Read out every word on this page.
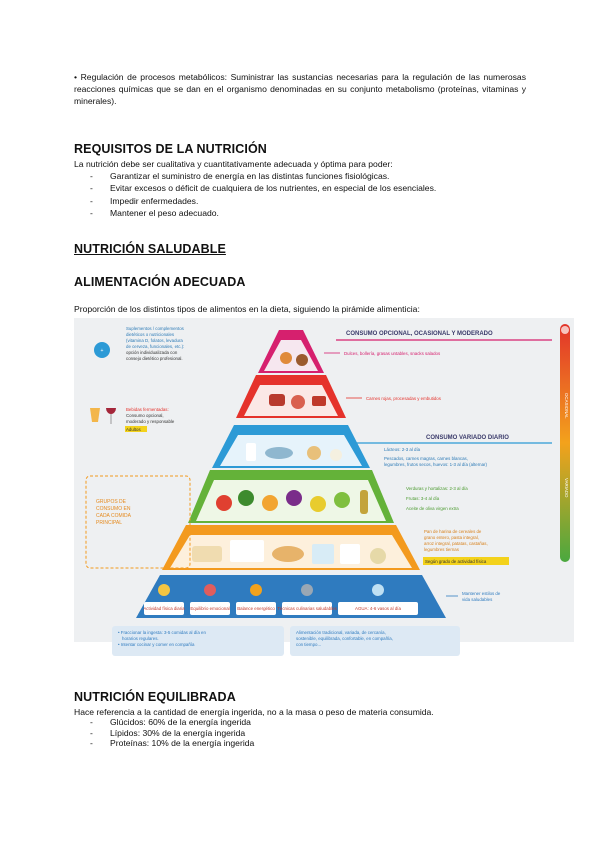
• Regulación de procesos metabólicos: Suministrar las sustancias necesarias para la regulación de las numerosas reacciones químicas que se dan en el organismo denominadas en su conjunto metabolismo (proteínas, vitaminas y minerales).

REQUISITOS DE LA NUTRICIÓN

La nutrición debe ser cualitativa y cuantitativamente adecuada y óptima para poder:

- Garantizar el suministro de energía en las distintas funciones fisiológicas.
- Evitar excesos o déficit de cualquiera de los nutrientes, en especial de los esenciales.
- Impedir enfermedades.
- Mantener el peso adecuado.
NUTRICIÓN SALUDABLE
ALIMENTACIÓN ADECUADA

Proporción de los distintos tipos de alimentos en la dieta, siguiendo la pirámide alimenticia:

OCASIONAL
VARIADO
CONSUMO OPCIONAL, OCASIONAL Y MODERADO
CONSUMO VARIADO DIARIO
Actividad física diaria Equilibrio emocional Balance energético Técnicas culinarias saludables	AGUA: 4-6 vasos al día
GRUPOS DE
CONSUMO EN
CADA COMIDA
PRINCIPAL
+
Suplementos / complementos
dietéticos o nutricionales
(vitamina D, folatos, levadura
de cerveza, funcionales, etc.):
opción individualizada con
consejo dietético profesional.
Bebidas fermentadas:
Consumo opcional,
moderado y responsable
Adultos
Dulces, bollería, grasas untables, snacks salados
Carnes rojas, procesadas y embutidos
Lácteos: 2-3 al día
Pescados, carnes magras, carnes blancas,
legumbres, frutos secos, huevos: 1-3 al día (alternar)
Verduras y hortalizas: 2-3 al día
Frutas: 3-4 al día
Aceite de oliva virgen extra
Pan de harina de cereales de
grano entero, pasta integral,
arroz integral, patatas, castañas,
legumbres tiernas
Según grado de actividad física
Mantener estilos de
vida saludables
• Fraccionar la ingesta: 3-5 comidas al día en
horarios regulares.
• Intentar cocinar y comer en compañía
Alimentación tradicional, variada, de cercanía,
sostenible, equilibrada, confortable, en compañía,
con tiempo...
NUTRICIÓN EQUILIBRADA

Hace referencia a la cantidad de energía ingerida, no a la masa o peso de materia consumida.

- Glúcidos: 60% de la energía ingerida
- Lípidos: 30% de la energía ingerida
- Proteínas: 10% de la energía ingerida
